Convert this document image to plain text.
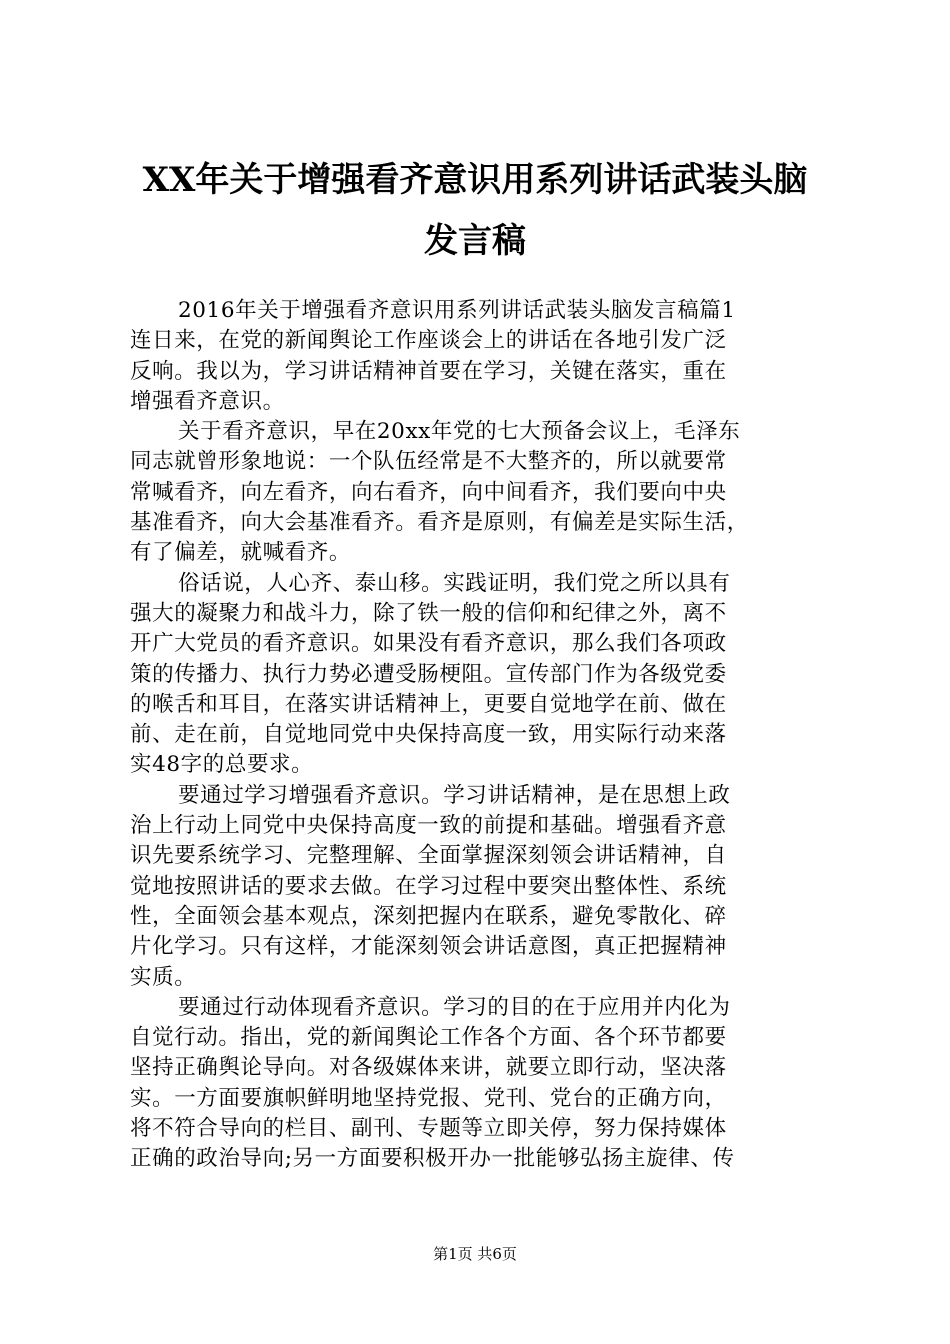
XX年关于增强看齐意识用系列讲话武装头脑
发言稿
2016年关于增强看齐意识用系列讲话武装头脑发言稿篇1
连日来，在党的新闻舆论工作座谈会上的讲话在各地引发广泛
反响。我以为，学习讲话精神首要在学习，关键在落实，重在
增强看齐意识。
关于看齐意识，早在20xx年党的七大预备会议上，毛泽东
同志就曾形象地说：一个队伍经常是不大整齐的，所以就要常
常喊看齐，向左看齐，向右看齐，向中间看齐，我们要向中央
基准看齐，向大会基准看齐。看齐是原则，有偏差是实际生活，
有了偏差，就喊看齐。
俗话说，人心齐、泰山移。实践证明，我们党之所以具有
强大的凝聚力和战斗力，除了铁一般的信仰和纪律之外，离不
开广大党员的看齐意识。如果没有看齐意识，那么我们各项政
策的传播力、执行力势必遭受肠梗阻。宣传部门作为各级党委
的喉舌和耳目，在落实讲话精神上，更要自觉地学在前、做在
前、走在前，自觉地同党中央保持高度一致，用实际行动来落
实48字的总要求。
要通过学习增强看齐意识。学习讲话精神，是在思想上政
治上行动上同党中央保持高度一致的前提和基础。增强看齐意
识先要系统学习、完整理解、全面掌握深刻领会讲话精神，自
觉地按照讲话的要求去做。在学习过程中要突出整体性、系统
性，全面领会基本观点，深刻把握内在联系，避免零散化、碎
片化学习。只有这样，才能深刻领会讲话意图，真正把握精神
实质。
要通过行动体现看齐意识。学习的目的在于应用并内化为
自觉行动。指出，党的新闻舆论工作各个方面、各个环节都要
坚持正确舆论导向。对各级媒体来讲，就要立即行动，坚决落
实。一方面要旗帜鲜明地坚持党报、党刊、党台的正确方向，
将不符合导向的栏目、副刊、专题等立即关停，努力保持媒体
正确的政治导向;另一方面要积极开办一批能够弘扬主旋律、传
第1页 共6页
